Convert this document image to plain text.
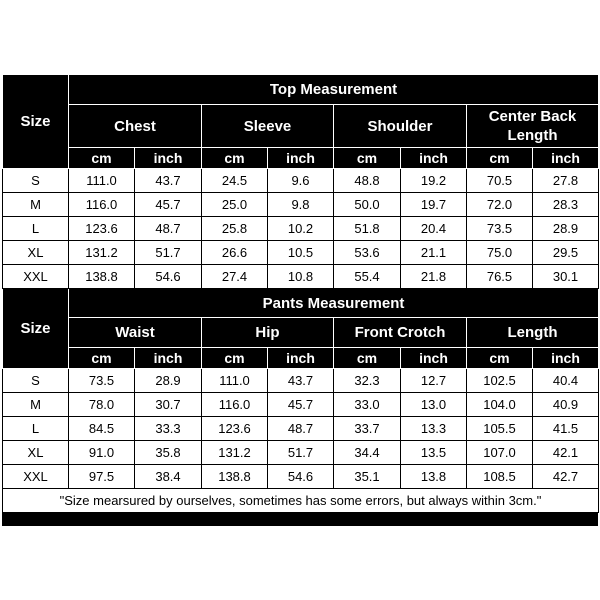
Size	Top Measurement							
	Chest		Sleeve		Shoulder		Center Back Length	
	cm	inch	cm	inch	cm	inch	cm	inch
S	111.0	43.7	24.5	9.6	48.8	19.2	70.5	27.8
M	116.0	45.7	25.0	9.8	50.0	19.7	72.0	28.3
L	123.6	48.7	25.8	10.2	51.8	20.4	73.5	28.9
XL	131.2	51.7	26.6	10.5	53.6	21.1	75.0	29.5
XXL	138.8	54.6	27.4	10.8	55.4	21.8	76.5	30.1
Size	Pants Measurement							
	Waist		Hip		Front Crotch		Length	
	cm	inch	cm	inch	cm	inch	cm	inch
S	73.5	28.9	111.0	43.7	32.3	12.7	102.5	40.4
M	78.0	30.7	116.0	45.7	33.0	13.0	104.0	40.9
L	84.5	33.3	123.6	48.7	33.7	13.3	105.5	41.5
XL	91.0	35.8	131.2	51.7	34.4	13.5	107.0	42.1
XXL	97.5	38.4	138.8	54.6	35.1	13.8	108.5	42.7
"Size mearsured by ourselves, sometimes has some errors, but always within 3cm."								
